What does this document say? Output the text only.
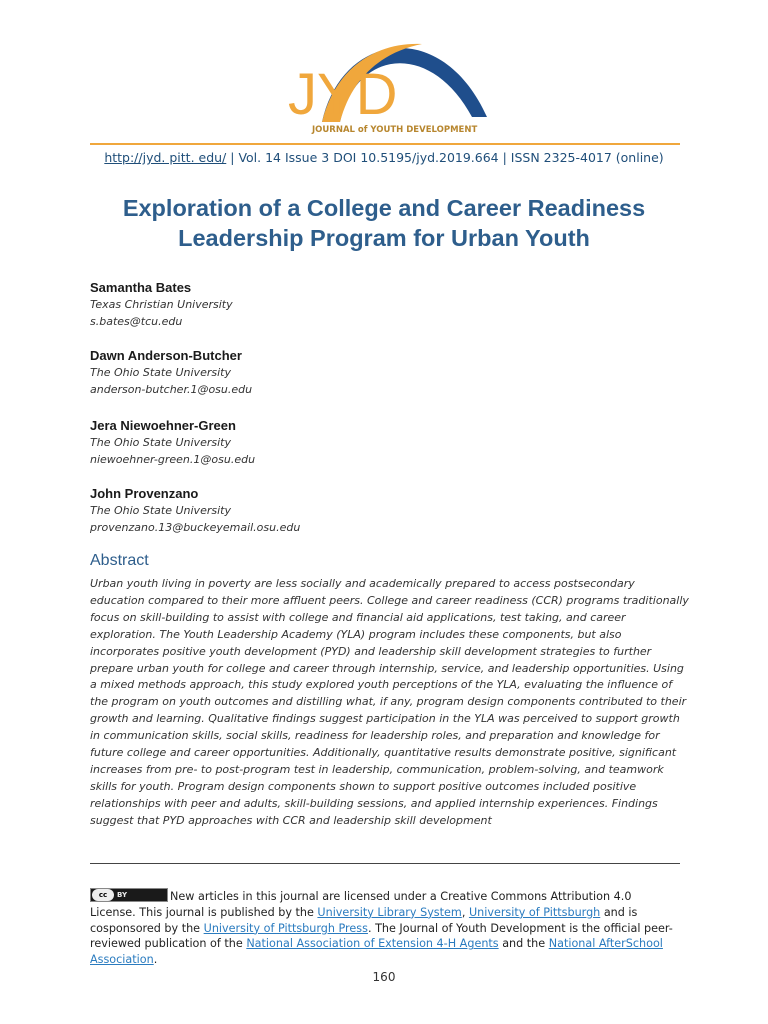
JYD
JOURNAL of YOUTH DEVELOPMENT
http://jyd. pitt. edu/ | Vol. 14 Issue 3 DOI 10.5195/jyd.2019.664 | ISSN 2325-4017 (online)
Exploration of a College and Career Readiness Leadership Program for Urban Youth
Samantha Bates
Texas Christian University
s.bates@tcu.edu
Dawn Anderson-Butcher
The Ohio State University
anderson-butcher.1@osu.edu
Jera Niewoehner-Green
The Ohio State University
niewoehner-green.1@osu.edu
John Provenzano
The Ohio State University
provenzano.13@buckeyemail.osu.edu
Abstract
Urban youth living in poverty are less socially and academically prepared to access postsecondary education compared to their more affluent peers. College and career readiness (CCR) programs traditionally focus on skill-building to assist with college and financial aid applications, test taking, and career exploration. The Youth Leadership Academy (YLA) program includes these components, but also incorporates positive youth development (PYD) and leadership skill development strategies to further prepare urban youth for college and career through internship, service, and leadership opportunities. Using a mixed methods approach, this study explored youth perceptions of the YLA, evaluating the influence of the program on youth outcomes and distilling what, if any, program design components contributed to their growth and learning. Qualitative findings suggest participation in the YLA was perceived to support growth in communication skills, social skills, readiness for leadership roles, and preparation and knowledge for future college and career opportunities. Additionally, quantitative results demonstrate positive, significant increases from pre- to post-program test in leadership, communication, problem-solving, and teamwork skills for youth. Program design components shown to support positive outcomes included positive relationships with peer and adults, skill-building sessions, and applied internship experiences. Findings suggest that PYD approaches with CCR and leadership skill development
cc	BY	New articles in this journal are licensed under a Creative Commons Attribution 4.0 License. This journal is published by the University Library System, University of Pittsburgh and is cosponsored by the University of Pittsburgh Press. The Journal of Youth Development is the official peer-reviewed publication of the National Association of Extension 4-H Agents and the National AfterSchool Association.
160
